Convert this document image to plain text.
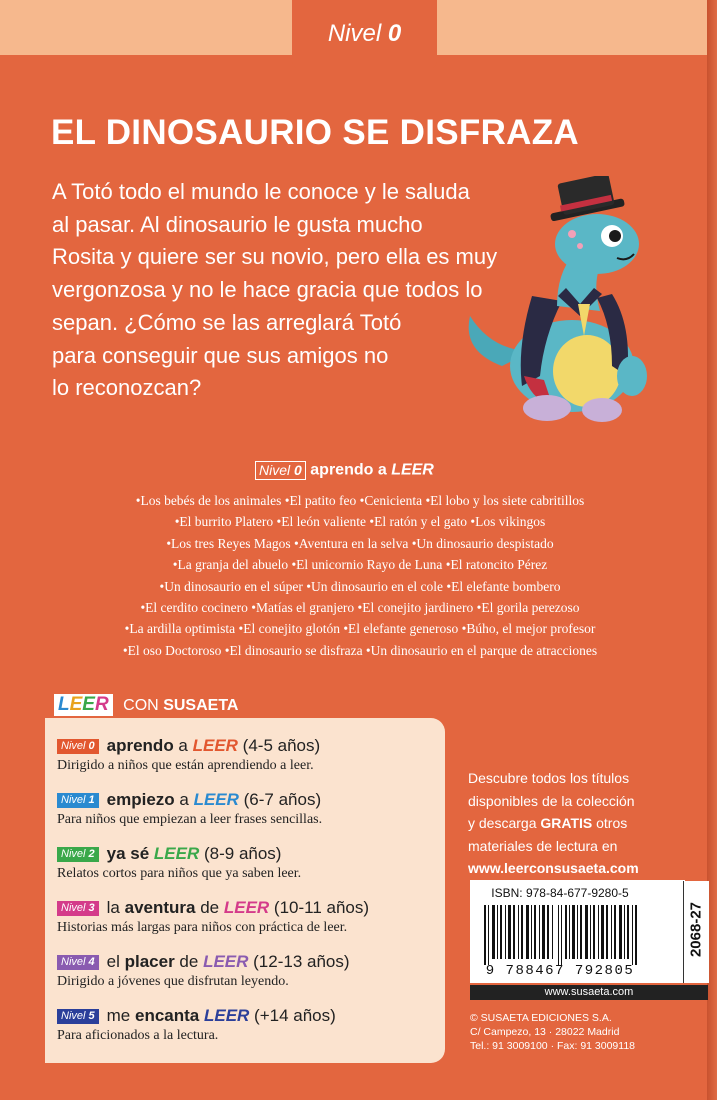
Nivel 0
EL DINOSAURIO SE DISFRAZA
A Totó todo el mundo le conoce y le saluda
al pasar. Al dinosaurio le gusta mucho
Rosita y quiere ser su novio, pero ella es muy
vergonzosa y no le hace gracia que todos lo
sepan. ¿Cómo se las arreglará Totó
para conseguir que sus amigos no
lo reconozcan?
Nivel 0 aprendo a LEER
•Los bebés de los animales •El patito feo •Cenicienta •El lobo y los siete cabritillos
•El burrito Platero •El león valiente •El ratón y el gato •Los vikingos
•Los tres Reyes Magos •Aventura en la selva •Un dinosaurio despistado
•La granja del abuelo •El unicornio Rayo de Luna •El ratoncito Pérez
•Un dinosaurio en el súper •Un dinosaurio en el cole •El elefante bombero
•El cerdito cocinero •Matías el granjero •El conejito jardinero •El gorila perezoso
•La ardilla optimista •El conejito glotón •El elefante generoso •Búho, el mejor profesor
•El oso Doctoroso •El dinosaurio se disfraza •Un dinosaurio en el parque de atracciones
LEER CON SUSAETA
Nivel 0 aprendo a LEER (4-5 años)
Dirigido a niños que están aprendiendo a leer.
Nivel 1 empiezo a LEER (6-7 años)
Para niños que empiezan a leer frases sencillas.
Nivel 2 ya sé LEER (8-9 años)
Relatos cortos para niños que ya saben leer.
Nivel 3 la aventura de LEER (10-11 años)
Historias más largas para niños con práctica de leer.
Nivel 4 el placer de LEER (12-13 años)
Dirigido a jóvenes que disfrutan leyendo.
Nivel 5 me encanta LEER (+14 años)
Para aficionados a la lectura.
Descubre todos los títulos
disponibles de la colección
y descarga GRATIS otros
materiales de lectura en
www.leerconsusaeta.com
ISBN: 978-84-677-9280-5
9 788467 792805
2068-27
www.susaeta.com
© SUSAETA EDICIONES S.A.
C/ Campezo, 13 · 28022 Madrid
Tel.: 91 3009100 · Fax: 91 3009118
